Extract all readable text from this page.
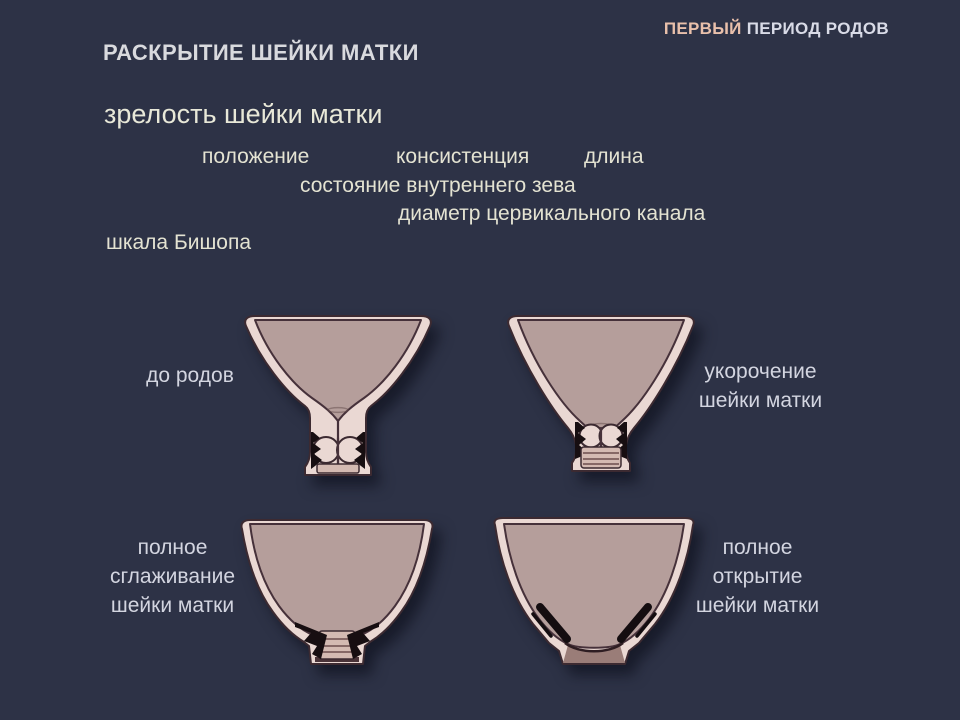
ПЕРВЫЙ ПЕРИОД РОДОВ
РАСКРЫТИЕ ШЕЙКИ МАТКИ
зрелость шейки матки
положение	консистенция	длина
состояние внутреннего зева
диаметр цервикального канала
шкала Бишопа
до родов	укорочение
шейки матки
полное
сглаживание
шейки матки
полное
открытие
шейки матки
